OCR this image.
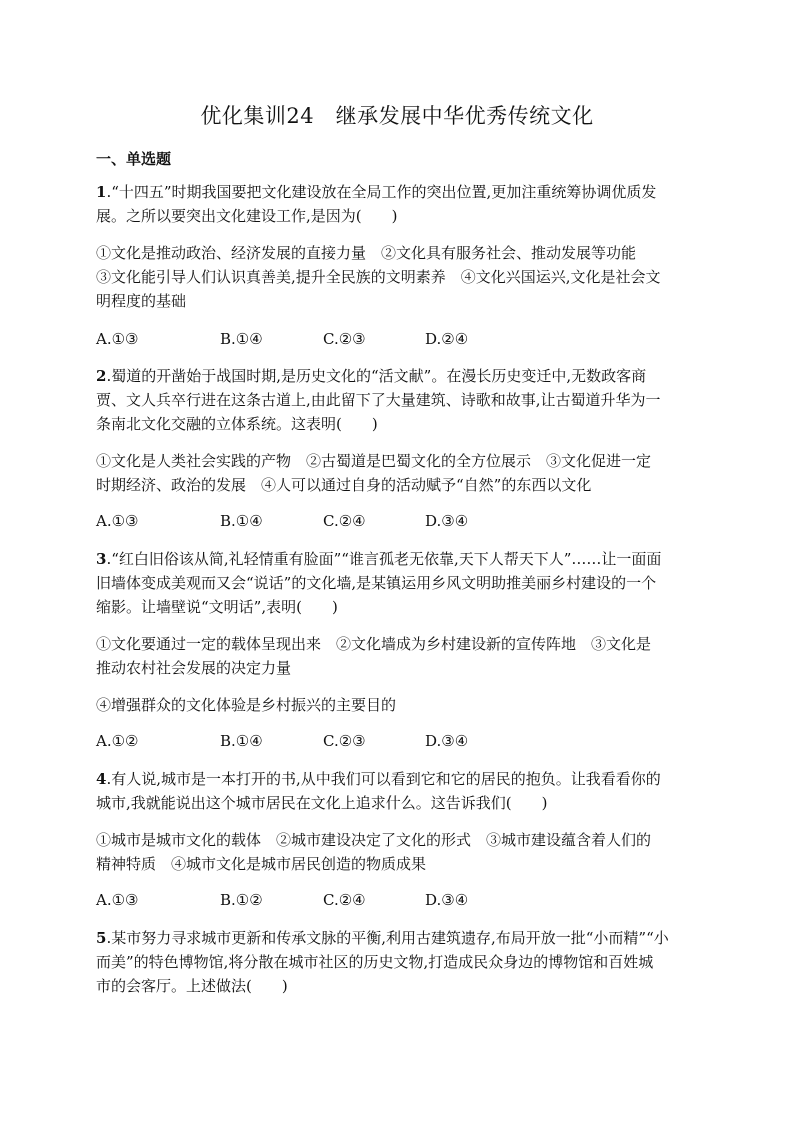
优化集训24　继承发展中华优秀传统文化
一、单选题
1.“十四五”时期我国要把文化建设放在全局工作的突出位置,更加注重统筹协调优质发
展。之所以要突出文化建设工作,是因为(　　)
①文化是推动政治、经济发展的直接力量　②文化具有服务社会、推动发展等功能
③文化能引导人们认识真善美,提升全民族的文明素养　④文化兴国运兴,文化是社会文
明程度的基础
A.①③	B.①④	C.②③	D.②④
2.蜀道的开凿始于战国时期,是历史文化的“活文献”。在漫长历史变迁中,无数政客商
贾、文人兵卒行进在这条古道上,由此留下了大量建筑、诗歌和故事,让古蜀道升华为一
条南北文化交融的立体系统。这表明(　　)
①文化是人类社会实践的产物　②古蜀道是巴蜀文化的全方位展示　③文化促进一定
时期经济、政治的发展　④人可以通过自身的活动赋予“自然”的东西以文化
A.①③	B.①④	C.②④	D.③④
3.“红白旧俗该从简,礼轻情重有脸面”“谁言孤老无依靠,天下人帮天下人”……让一面面
旧墙体变成美观而又会“说话”的文化墙,是某镇运用乡风文明助推美丽乡村建设的一个
缩影。让墙壁说“文明话”,表明(　　)
①文化要通过一定的载体呈现出来　②文化墙成为乡村建设新的宣传阵地　③文化是
推动农村社会发展的决定力量
④增强群众的文化体验是乡村振兴的主要目的
A.①②	B.①④	C.②③	D.③④
4.有人说,城市是一本打开的书,从中我们可以看到它和它的居民的抱负。让我看看你的
城市,我就能说出这个城市居民在文化上追求什么。这告诉我们(　　)
①城市是城市文化的载体　②城市建设决定了文化的形式　③城市建设蕴含着人们的
精神特质　④城市文化是城市居民创造的物质成果
A.①③	B.①②	C.②④	D.③④
5.某市努力寻求城市更新和传承文脉的平衡,利用古建筑遗存,布局开放一批“小而精”“小
而美”的特色博物馆,将分散在城市社区的历史文物,打造成民众身边的博物馆和百姓城
市的会客厅。上述做法(　　)
